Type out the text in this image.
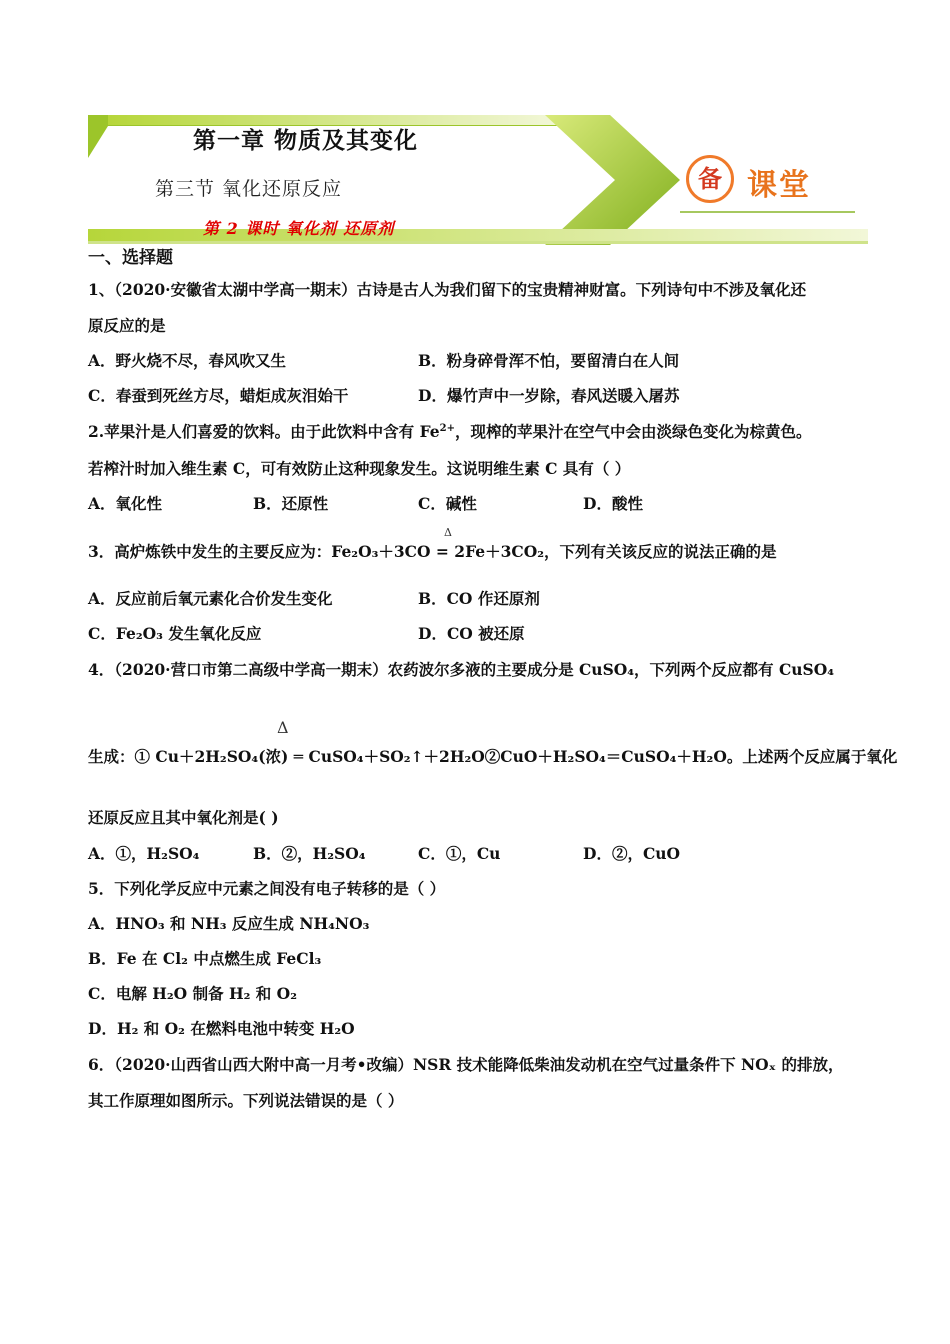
第一章 物质及其变化
第三节 氧化还原反应
第 2 课时 氧化剂 还原剂
备 课堂
一、选择题
1、（2020·安徽省太湖中学高一期末）古诗是古人为我们留下的宝贵精神财富。下列诗句中不涉及氧化还
原反应的是
A．野火烧不尽，春风吹又生	B．粉身碎骨浑不怕，要留清白在人间
C．春蚕到死丝方尽，蜡炬成灰泪始干	D．爆竹声中一岁除，春风送暖入屠苏
2.苹果汁是人们喜爱的饮料。由于此饮料中含有 $Fe^{2+}$，现榨的苹果汁在空气中会由淡绿色变化为棕黄色。
若榨汁时加入维生素 C，可有效防止这种现象发生。这说明维生素 C 具有（ ）
A．氧化性	B．还原性	C．碱性	D．酸性
Δ
3．高炉炼铁中发生的主要反应为：Fe₂O₃＋3CO = 2Fe＋3CO₂，下列有关该反应的说法正确的是
A．反应前后氧元素化合价发生变化	B．CO 作还原剂
C．Fe₂O₃ 发生氧化反应	D．CO 被还原
4．（2020·营口市第二高级中学高一期末）农药波尔多液的主要成分是 CuSO₄，下列两个反应都有 CuSO₄
Δ
生成：① Cu＋2H₂SO₄(浓) ═ CuSO₄＋SO₂↑＋2H₂O②CuO＋H₂SO₄＝CuSO₄＋H₂O。上述两个反应属于氧化
还原反应且其中氧化剂是( )
A．①，H₂SO₄	B．②，H₂SO₄	C．①，Cu	D．②，CuO
5．下列化学反应中元素之间没有电子转移的是（ ）
A．HNO₃ 和 NH₃ 反应生成 NH₄NO₃
B．Fe 在 Cl₂ 中点燃生成 FeCl₃
C．电解 H₂O 制备 H₂ 和 O₂
D．H₂ 和 O₂ 在燃料电池中转变 H₂O
6．（2020·山西省山西大附中高一月考•改编）NSR 技术能降低柴油发动机在空气过量条件下 NOₓ 的排放，
其工作原理如图所示。下列说法错误的是（ ）
